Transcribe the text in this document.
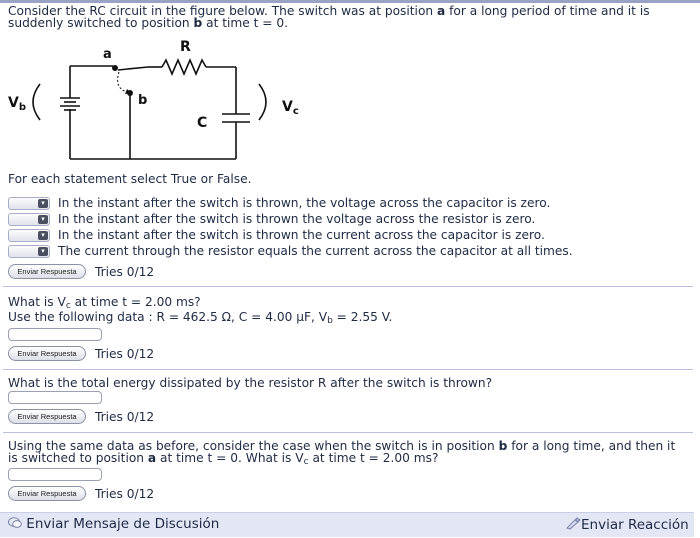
Consider the RC circuit in the figure below. The switch was at position a for a long period of time and it is suddenly switched to position b at time t = 0.
a
b
R
C
$V_b$	$V_c$
For each statement select True or False.
▾ In the instant after the switch is thrown, the voltage across the capacitor is zero.
▾ In the instant after the switch is thrown the voltage across the resistor is zero.
▾ In the instant after the switch is thrown the current across the capacitor is zero.
▾ The current through the resistor equals the current across the capacitor at all times.
Enviar Respuesta	Tries 0/12
What is $V_c$ at time t = 2.00 ms?
Use the following data : R = 462.5 Ω, C = 4.00 μF, $V_b = 2.55$ V.
Enviar Respuesta	Tries 0/12
What is the total energy dissipated by the resistor R after the switch is thrown?
Enviar Respuesta	Tries 0/12
Using the same data as before, consider the case when the switch is in position b for a long time, and then it
is switched to position a at time t = 0. What is $V_c$ at time t = 2.00 ms?
Enviar Respuesta	Tries 0/12
Enviar Mensaje de Discusión	Enviar Reacción
